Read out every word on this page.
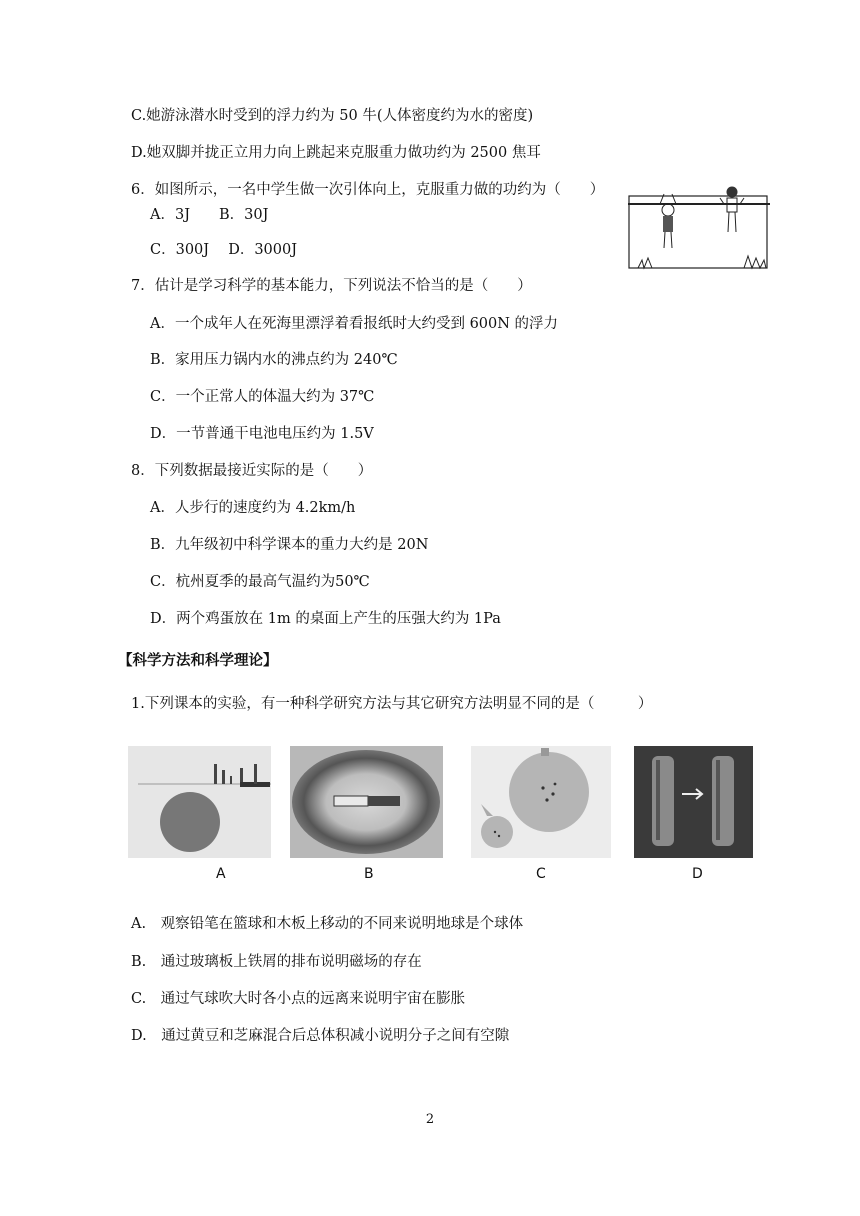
C.她游泳潜水时受到的浮力约为 50 牛(人体密度约为水的密度)
D.她双脚并拢正立用力向上跳起来克服重力做功约为 2500 焦耳
6．如图所示，一名中学生做一次引体向上，克服重力做的功约为（　　）
A．3J　　B．30J
C．300J　 D．3000J
7．估计是学习科学的基本能力，下列说法不恰当的是（　　）
A．一个成年人在死海里漂浮着看报纸时大约受到 600N 的浮力
B．家用压力锅内水的沸点约为 240℃
C．一个正常人的体温大约为 37℃
D．一节普通干电池电压约为 1.5V
8．下列数据最接近实际的是（　　）
A．人步行的速度约为 4.2km/h
B．九年级初中科学课本的重力大约是 20N
C．杭州夏季的最高气温约为50℃
D．两个鸡蛋放在 1m 的桌面上产生的压强大约为 1Pa
【科学方法和科学理论】
1.下列课本的实验，有一种科学研究方法与其它研究方法明显不同的是（　　　）
A	B	C	D
A.　观察铅笔在篮球和木板上移动的不同来说明地球是个球体
B.　通过玻璃板上铁屑的排布说明磁场的存在
C.　通过气球吹大时各小点的远离来说明宇宙在膨胀
D.　通过黄豆和芝麻混合后总体积减小说明分子之间有空隙
2
